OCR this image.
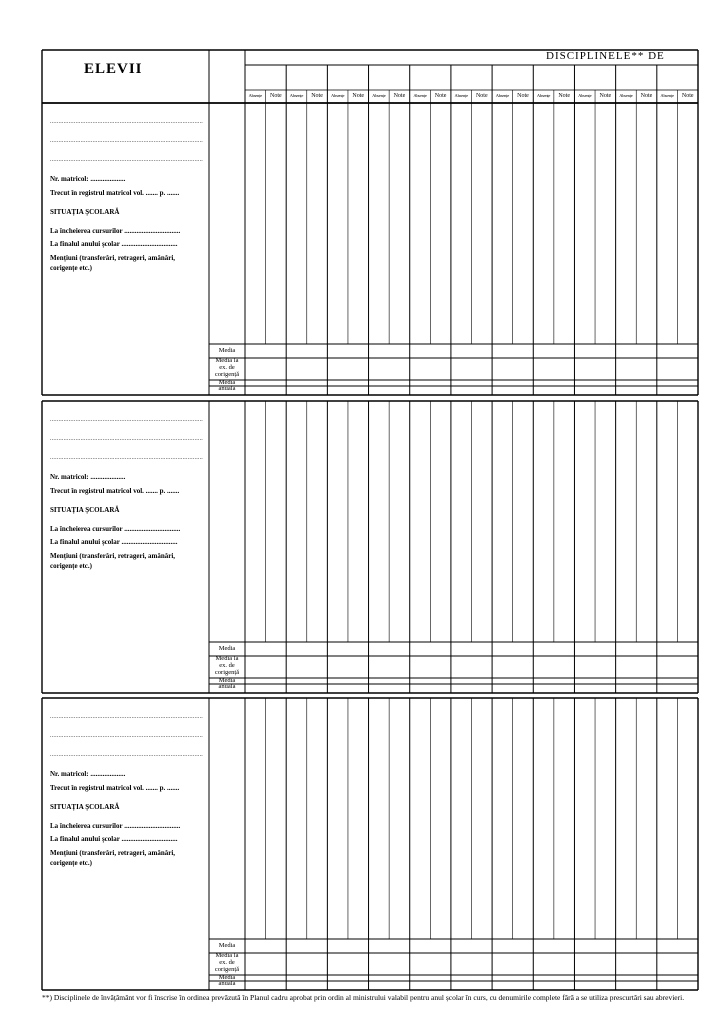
ELEVII
DISCIPLINELE** DE
Absențe	Note	Absențe	Note	Absențe	Note	Absențe	Note	Absențe	Note	Absențe	Note	Absențe	Note	Absențe	Note	Absențe	Note	Absențe	Note	Absențe	Note
..........................................................................................
..........................................................................................
..........................................................................................
Nr. matricol: ....................
Trecut în registrul matricol vol. ....... p. .......
SITUAȚIA ȘCOLARĂ
La încheierea cursurilor ................................
La finalul anului școlar ................................
Mențiuni (transferări, retrageri, amânări,
corigențe etc.)
Media
Media la
ex. de
corigență
Media
anuală
..........................................................................................
..........................................................................................
..........................................................................................
Nr. matricol: ....................
Trecut în registrul matricol vol. ....... p. .......
SITUAȚIA ȘCOLARĂ
La încheierea cursurilor ................................
La finalul anului școlar ................................
Mențiuni (transferări, retrageri, amânări,
corigențe etc.)
Media
Media la
ex. de
corigență
Media
anuală
..........................................................................................
..........................................................................................
..........................................................................................
Nr. matricol: ....................
Trecut în registrul matricol vol. ....... p. .......
SITUAȚIA ȘCOLARĂ
La încheierea cursurilor ................................
La finalul anului școlar ................................
Mențiuni (transferări, retrageri, amânări,
corigențe etc.)
Media
Media la
ex. de
corigență
Media
anuală
**) Disciplinele de învățământ vor fi înscrise în ordinea prevăzută în Planul cadru aprobat prin ordin al ministrului valabil pentru anul școlar în curs, cu denumirile complete fără a se utiliza prescurtări sau abrevieri.
